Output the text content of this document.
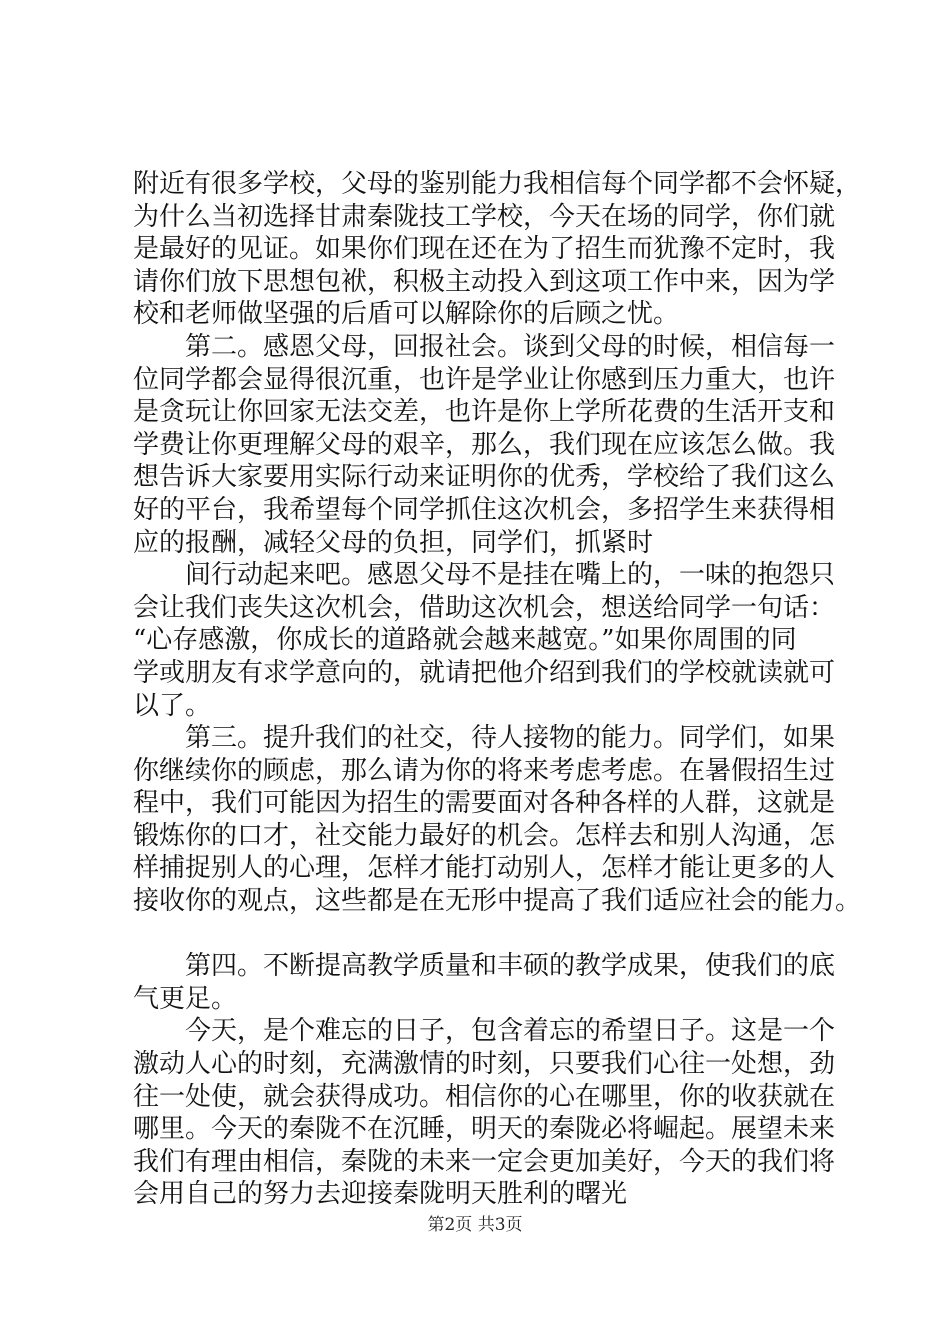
附近有很多学校，父母的鉴别能力我相信每个同学都不会怀疑，
为什么当初选择甘肃秦陇技工学校，今天在场的同学，你们就
是最好的见证。如果你们现在还在为了招生而犹豫不定时，我
请你们放下思想包袱，积极主动投入到这项工作中来，因为学
校和老师做坚强的后盾可以解除你的后顾之忧。
　　第二。感恩父母，回报社会。谈到父母的时候，相信每一
位同学都会显得很沉重，也许是学业让你感到压力重大，也许
是贪玩让你回家无法交差，也许是你上学所花费的生活开支和
学费让你更理解父母的艰辛，那么，我们现在应该怎么做。我
想告诉大家要用实际行动来证明你的优秀，学校给了我们这么
好的平台，我希望每个同学抓住这次机会，多招学生来获得相
应的报酬，减轻父母的负担，同学们，抓紧时
　　间行动起来吧。感恩父母不是挂在嘴上的，一味的抱怨只
会让我们丧失这次机会，借助这次机会，想送给同学一句话：
“心存感激，你成长的道路就会越来越宽。”如果你周围的同
学或朋友有求学意向的，就请把他介绍到我们的学校就读就可
以了。
　　第三。提升我们的社交，待人接物的能力。同学们，如果
你继续你的顾虑，那么请为你的将来考虑考虑。在暑假招生过
程中，我们可能因为招生的需要面对各种各样的人群，这就是
锻炼你的口才，社交能力最好的机会。怎样去和别人沟通，怎
样捕捉别人的心理，怎样才能打动别人，怎样才能让更多的人
接收你的观点，这些都是在无形中提高了我们适应社会的能力。
　　第四。不断提高教学质量和丰硕的教学成果，使我们的底
气更足。
　　今天，是个难忘的日子，包含着忘的希望日子。这是一个
激动人心的时刻，充满激情的时刻，只要我们心往一处想，劲
往一处使，就会获得成功。相信你的心在哪里，你的收获就在
哪里。今天的秦陇不在沉睡，明天的秦陇必将崛起。展望未来
我们有理由相信，秦陇的未来一定会更加美好，今天的我们将
会用自己的努力去迎接秦陇明天胜利的曙光
第2页 共3页
